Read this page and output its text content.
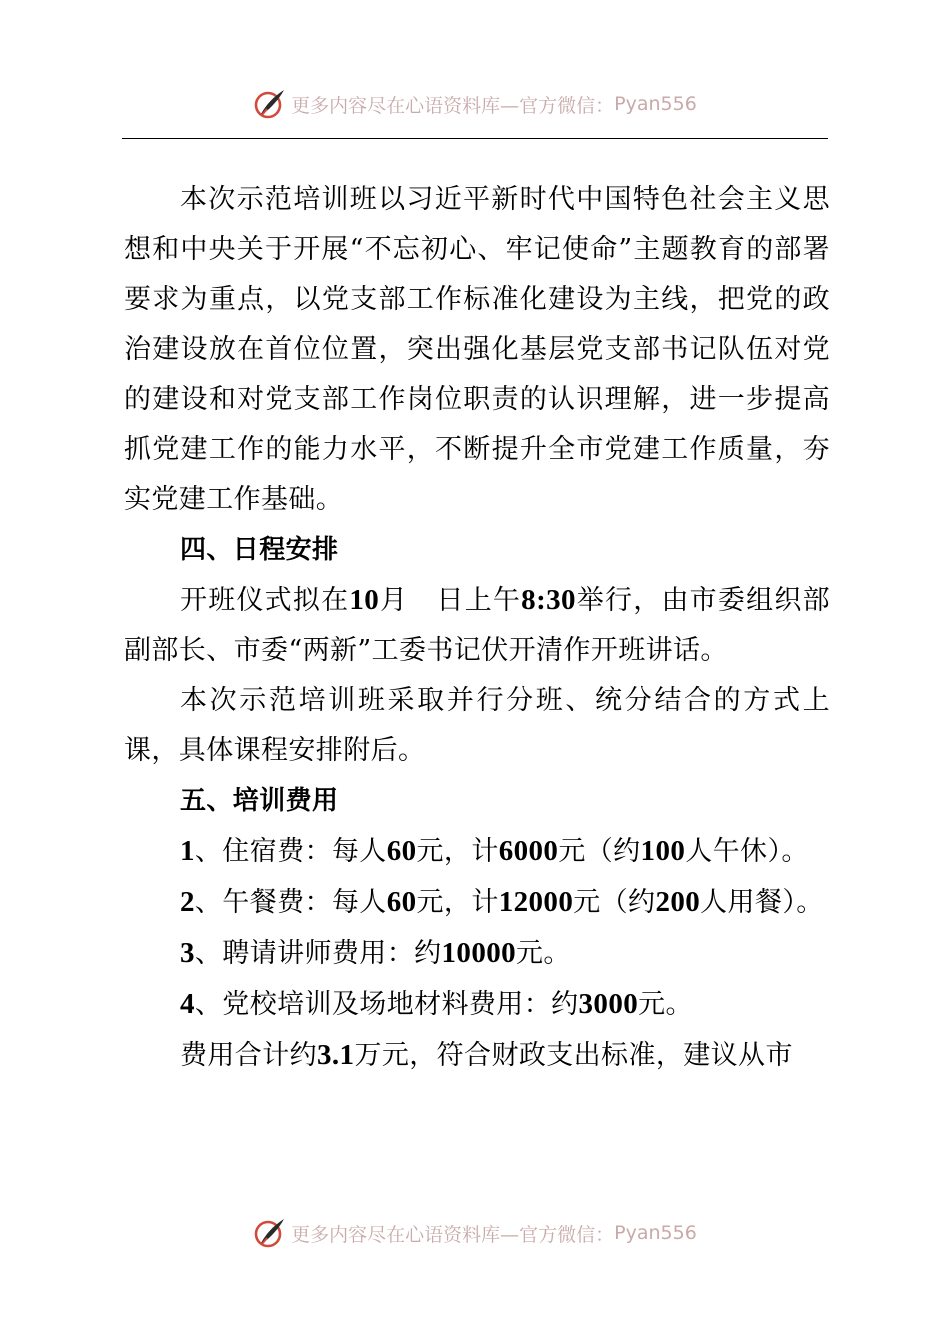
更多内容尽在心语资料库—官方微信： Pyan556

本次示范培训班以习近平新时代中国特色社会主义思想和中央关于开展“不忘初心、牢记使命”主题教育的部署要求为重点，以党支部工作标准化建设为主线，把党的政治建设放在首位位置，突出强化基层党支部书记队伍对党的建设和对党支部工作岗位职责的认识理解，进一步提高抓党建工作的能力水平，不断提升全市党建工作质量，夯实党建工作基础。

四、日程安排

开班仪式拟在10月　日上午8:30举行，由市委组织部副部长、市委“两新”工委书记伏开清作开班讲话。

本次示范培训班采取并行分班、统分结合的方式上课，具体课程安排附后。

五、培训费用

1、住宿费：每人60元，计6000元（约100人午休）。

2、午餐费：每人60元，计12000元（约200人用餐）。

3、聘请讲师费用：约10000元。

4、党校培训及场地材料费用：约3000元。

费用合计约3.1万元，符合财政支出标准，建议从市

更多内容尽在心语资料库—官方微信： Pyan556
